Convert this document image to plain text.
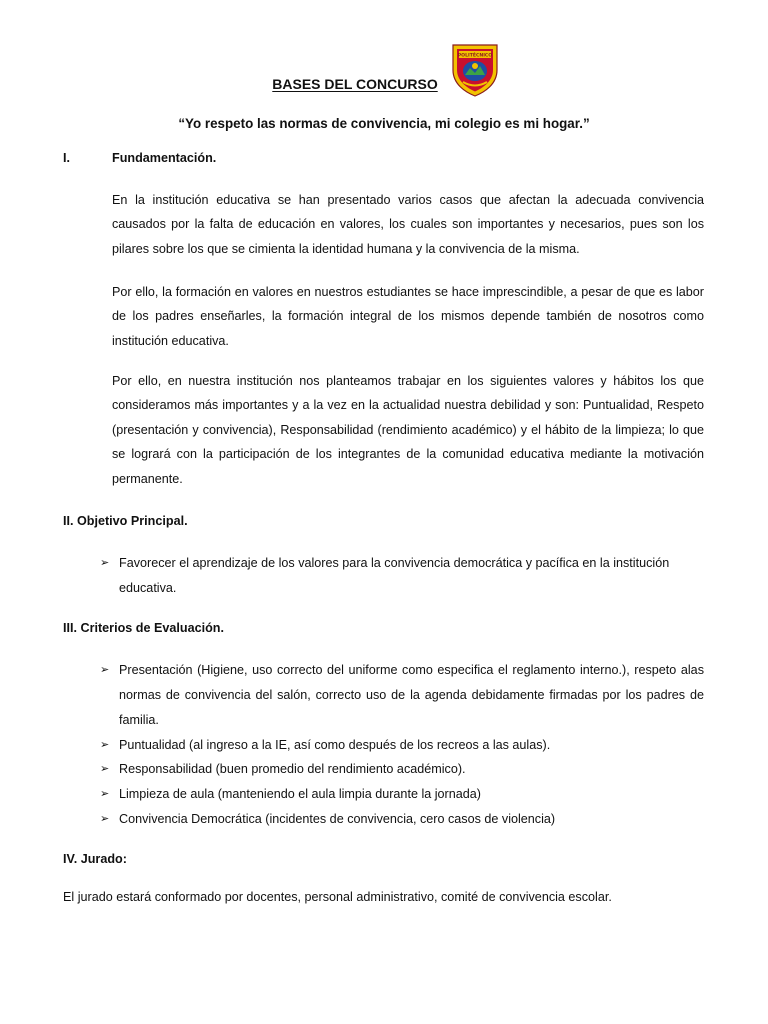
POLITÉCNICO
BASES DEL CONCURSO
“Yo respeto las normas de convivencia, mi colegio es mi hogar.”
I.	Fundamentación.

En la institución educativa se han presentado varios casos que afectan la adecuada convivencia causados por la falta de educación en valores, los cuales son importantes y necesarios, pues son los pilares sobre los que se cimienta la identidad humana y la convivencia de la misma.

Por ello, la formación en valores en nuestros estudiantes se hace imprescindible, a pesar de que es labor de los padres enseñarles, la formación integral de los mismos depende también de nosotros como institución educativa.

Por ello, en nuestra institución nos planteamos trabajar en los siguientes valores y hábitos los que consideramos más importantes y a la vez en la actualidad nuestra debilidad y son: Puntualidad, Respeto (presentación y convivencia), Responsabilidad (rendimiento académico) y el hábito de la limpieza; lo que se logrará con la participación de los integrantes de la comunidad educativa mediante la motivación permanente.

II. Objetivo Principal.
➢ Favorecer el aprendizaje de los valores para la convivencia democrática y pacífica en la institución educativa.
III. Criterios de Evaluación.
➢ Presentación (Higiene, uso correcto del uniforme como especifica el reglamento interno.), respeto alas normas de convivencia del salón, correcto uso de la agenda debidamente firmadas por los padres de familia.
➢ Puntualidad (al ingreso a la IE, así como después de los recreos a las aulas).
➢ Responsabilidad (buen promedio del rendimiento académico).
➢ Limpieza de aula (manteniendo el aula limpia durante la jornada)
➢ Convivencia Democrática (incidentes de convivencia, cero casos de violencia)
IV. Jurado:
El jurado estará conformado por docentes, personal administrativo, comité de convivencia escolar.
